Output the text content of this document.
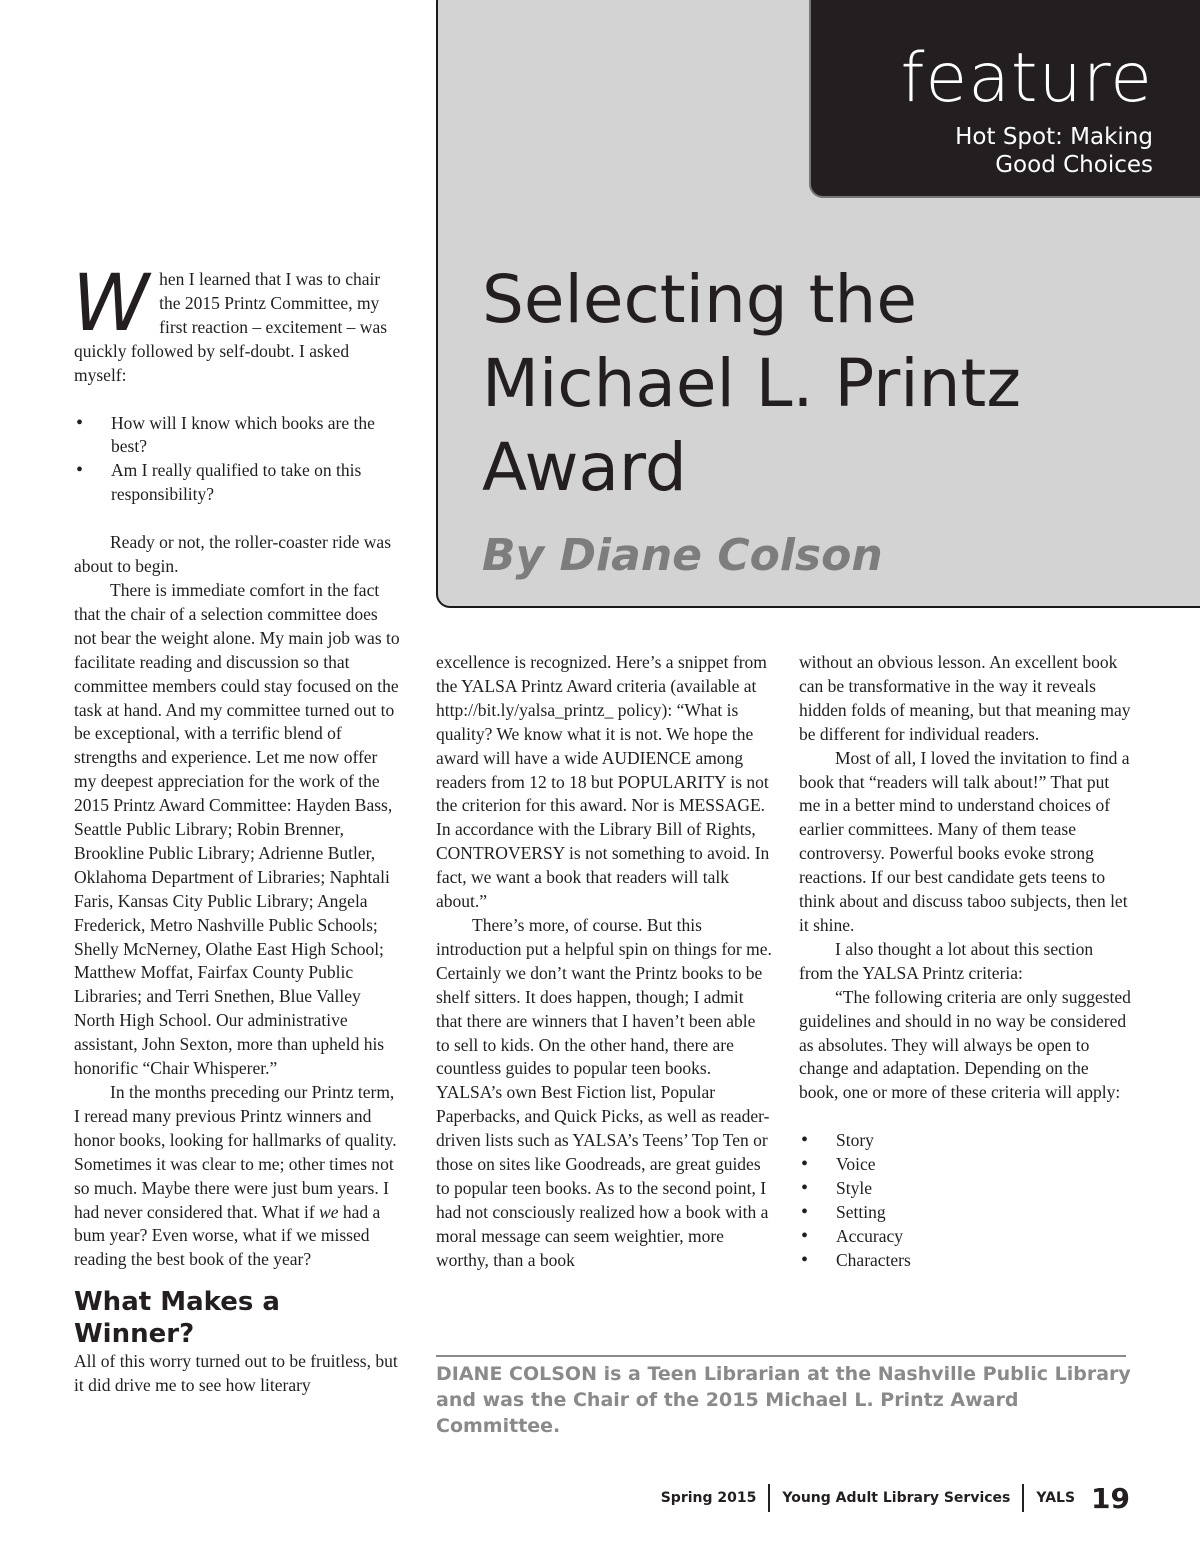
feature
Hot Spot: Making
Good Choices
Selecting the
Michael L. Printz
Award
By Diane Colson

When I learned that I was to chair the 2015 Printz Committee, my first reaction – excitement – was quickly followed by self-doubt. I asked myself:

• How will I know which books are the best?
• Am I really qualified to take on this responsibility?

Ready or not, the roller-coaster ride was about to begin.

There is immediate comfort in the fact that the chair of a selection committee does not bear the weight alone. My main job was to facilitate reading and discussion so that committee members could stay focused on the task at hand. And my committee turned out to be exceptional, with a terrific blend of strengths and experience. Let me now offer my deepest appreciation for the work of the 2015 Printz Award Committee: Hayden Bass, Seattle Public Library; Robin Brenner, Brookline Public Library; Adrienne Butler, Oklahoma Department of Libraries; Naphtali Faris, Kansas City Public Library; Angela Frederick, Metro Nashville Public Schools; Shelly McNerney, Olathe East High School; Matthew Moffat, Fairfax County Public Libraries; and Terri Snethen, Blue Valley North High School. Our administrative assistant, John Sexton, more than upheld his honorific “Chair Whisperer.”

In the months preceding our Printz term, I reread many previous Printz winners and honor books, looking for hallmarks of quality. Sometimes it was clear to me; other times not so much. Maybe there were just bum years. I had never considered that. What if we had a bum year? Even worse, what if we missed reading the best book of the year?

What Makes a Winner?

All of this worry turned out to be fruitless, but it did drive me to see how literary

excellence is recognized. Here’s a snippet from the YALSA Printz Award criteria (available at http://bit.ly/yalsa_printz_ policy): “What is quality? We know what it is not. We hope the award will have a wide AUDIENCE among readers from 12 to 18 but POPULARITY is not the criterion for this award. Nor is MESSAGE. In accordance with the Library Bill of Rights, CONTROVERSY is not something to avoid. In fact, we want a book that readers will talk about.”

There’s more, of course. But this introduction put a helpful spin on things for me. Certainly we don’t want the Printz books to be shelf sitters. It does happen, though; I admit that there are winners that I haven’t been able to sell to kids. On the other hand, there are countless guides to popular teen books. YALSA’s own Best Fiction list, Popular Paperbacks, and Quick Picks, as well as reader-driven lists such as YALSA’s Teens’ Top Ten or those on sites like Goodreads, are great guides to popular teen books. As to the second point, I had not consciously realized how a book with a moral message can seem weightier, more worthy, than a book

without an obvious lesson. An excellent book can be transformative in the way it reveals hidden folds of meaning, but that meaning may be different for individual readers.

Most of all, I loved the invitation to find a book that “readers will talk about!” That put me in a better mind to understand choices of earlier committees. Many of them tease controversy. Powerful books evoke strong reactions. If our best candidate gets teens to think about and discuss taboo subjects, then let it shine.

I also thought a lot about this section from the YALSA Printz criteria:

“The following criteria are only suggested guidelines and should in no way be considered as absolutes. They will always be open to change and adaptation. Depending on the book, one or more of these criteria will apply:

• Story
• Voice
• Style
• Setting
• Accuracy
• Characters

DIANE COLSON is a Teen Librarian at the Nashville Public Library
and was the Chair of the 2015 Michael L. Printz Award Committee.

Spring 2015 Young Adult Library Services YALS 19
